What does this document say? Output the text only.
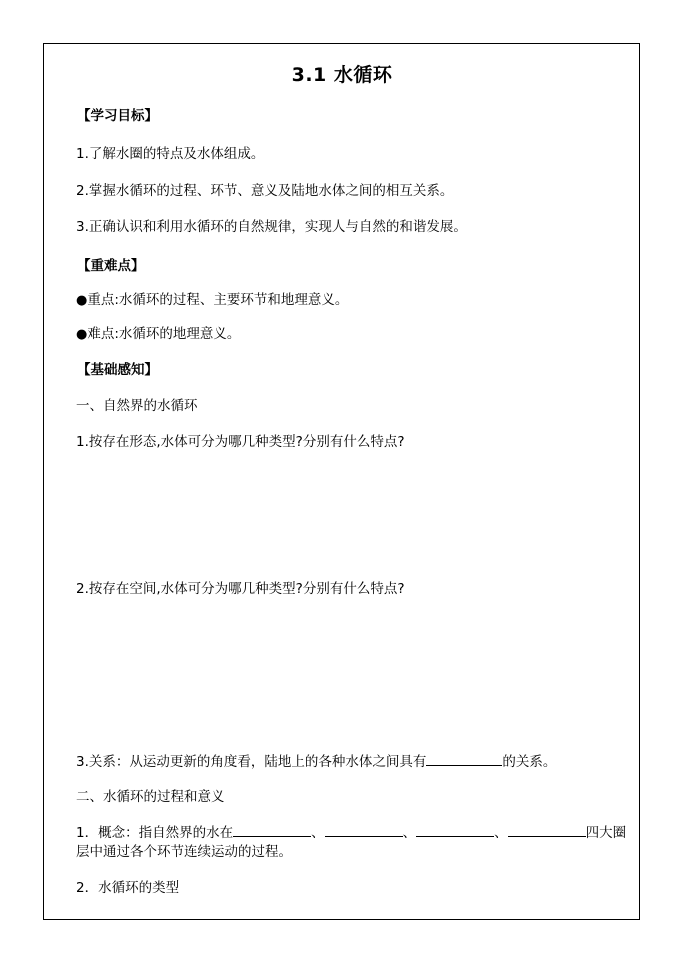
3.1 水循环
【学习目标】
1.了解水圈的特点及水体组成。
2.掌握水循环的过程、环节、意义及陆地水体之间的相互关系。
3.正确认识和利用水循环的自然规律，实现人与自然的和谐发展。
【重难点】
●重点:水循环的过程、主要环节和地理意义。
●难点:水循环的地理意义。
【基础感知】
一、自然界的水循环
1.按存在形态,水体可分为哪几种类型?分别有什么特点?
2.按存在空间,水体可分为哪几种类型?分别有什么特点?
3.关系：从运动更新的角度看，陆地上的各种水体之间具有	的关系。
二、水循环的过程和意义
1．概念：指自然界的水在	、	、	、	四大圈
层中通过各个环节连续运动的过程。
2．水循环的类型
